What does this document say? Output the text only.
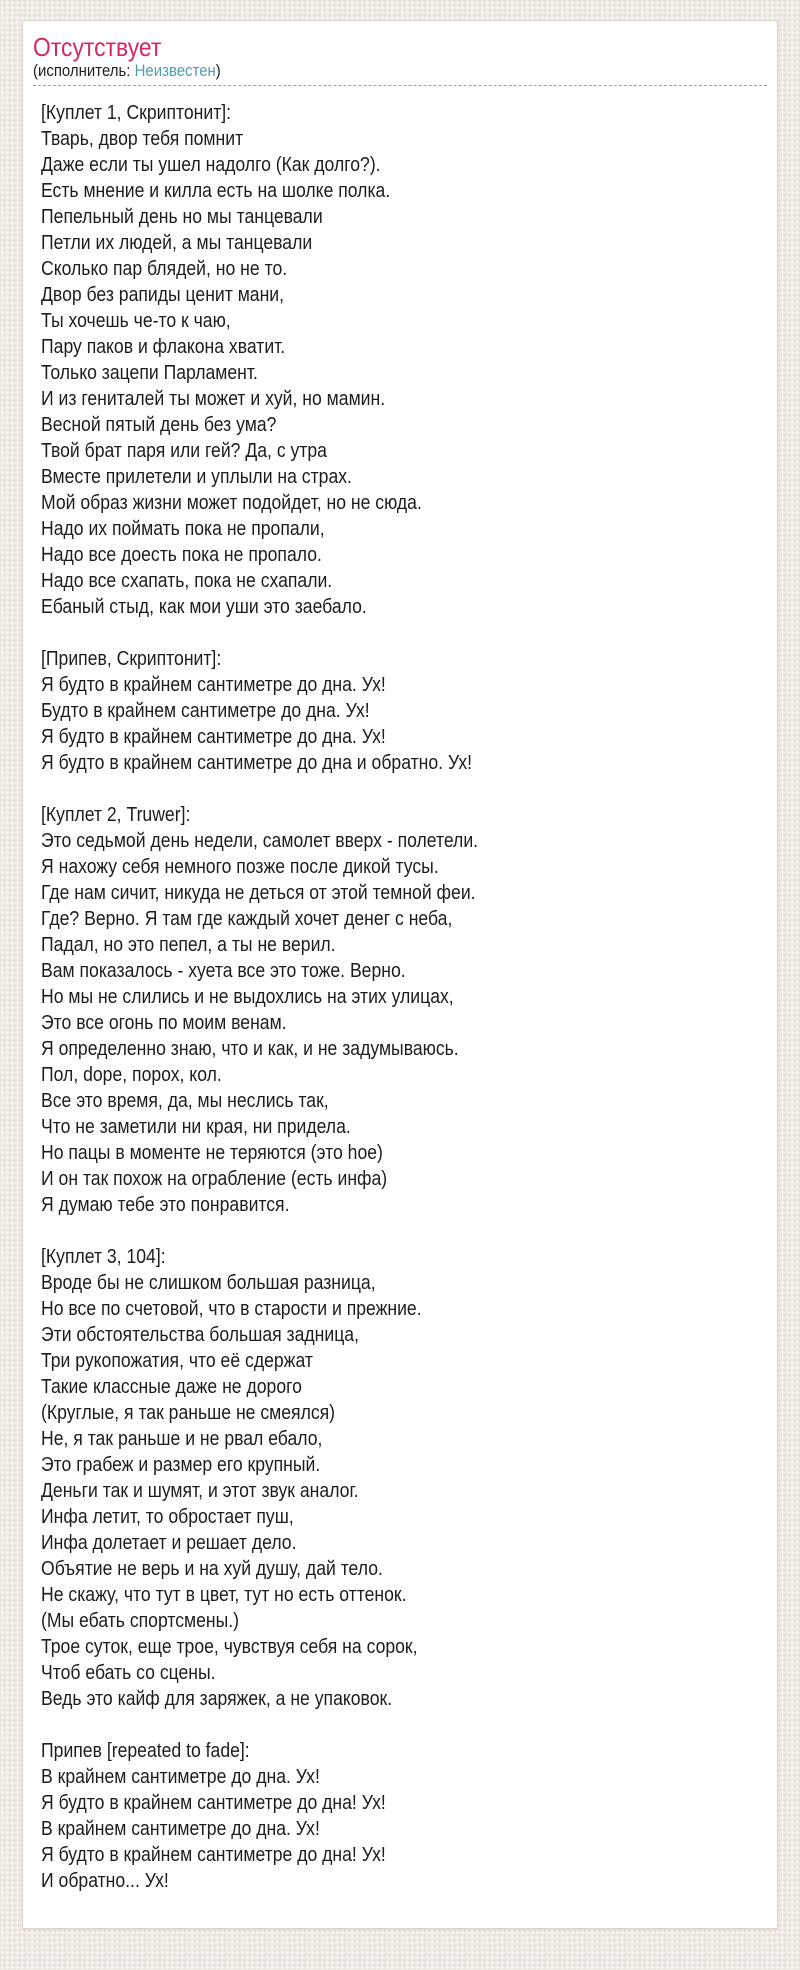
Отсутствует
(исполнитель: Неизвестен)
[Куплет 1, Скриптонит]:
Тварь, двор тебя помнит
Даже если ты ушел надолго (Как долго?).
Есть мнение и килла есть на шолке полка.
Пепельный день но мы танцевали
Петли их людей, а мы танцевали
Сколько пар блядей, но не то.
Двор без рапиды ценит мани,
Ты хочешь че-то к чаю,
Пару паков и флакона хватит.
Только зацепи Парламент.
И из гениталей ты может и хуй, но мамин.
Весной пятый день без ума?
Твой брат паря или гей? Да, с утра
Вместе прилетели и уплыли на страх.
Мой образ жизни может подойдет, но не сюда.
Надо их поймать пока не пропали,
Надо все доесть пока не пропало.
Надо все схапать, пока не схапали.
Ебаный стыд, как мои уши это заебало.
[Припев, Скриптонит]:
Я будто в крайнем сантиметре до дна. Ух!
Будто в крайнем сантиметре до дна. Ух!
Я будто в крайнем сантиметре до дна. Ух!
Я будто в крайнем сантиметре до дна и обратно. Ух!
[Куплет 2, Truwer]:
Это седьмой день недели, самолет вверх - полетели.
Я нахожу себя немного позже после дикой тусы.
Где нам сичит, никуда не деться от этой темной феи.
Где? Верно. Я там где каждый хочет денег с неба,
Падал, но это пепел, а ты не верил.
Вам показалось - хуета все это тоже. Верно.
Но мы не слились и не выдохлись на этих улицах,
Это все огонь по моим венам.
Я определенно знаю, что и как, и не задумываюсь.
Пол, dope, порох, кол.
Все это время, да, мы неслись так,
Что не заметили ни края, ни придела.
Но пацы в моменте не теряются (это hoe)
И он так похож на ограбление (есть инфа)
Я думаю тебе это понравится.
[Куплет 3, 104]:
Вроде бы не слишком большая разница,
Но все по счетовой, что в старости и прежние.
Эти обстоятельства большая задница,
Три рукопожатия, что её сдержат
Такие классные даже не дорого
(Круглые, я так раньше не смеялся)
Не, я так раньше и не рвал ебало,
Это грабеж и размер его крупный.
Деньги так и шумят, и этот звук аналог.
Инфа летит, то обростает пуш,
Инфа долетает и решает дело.
Объятие не верь и на хуй душу, дай тело.
Не скажу, что тут в цвет, тут но есть оттенок.
(Мы ебать спортсмены.)
Трое суток, еще трое, чувствуя себя на сорок,
Чтоб ебать со сцены.
Ведь это кайф для заряжек, а не упаковок.
Припев [repeated to fade]:
В крайнем сантиметре до дна. Ух!
Я будто в крайнем сантиметре до дна! Ух!
В крайнем сантиметре до дна. Ух!
Я будто в крайнем сантиметре до дна! Ух!
И обратно... Ух!
